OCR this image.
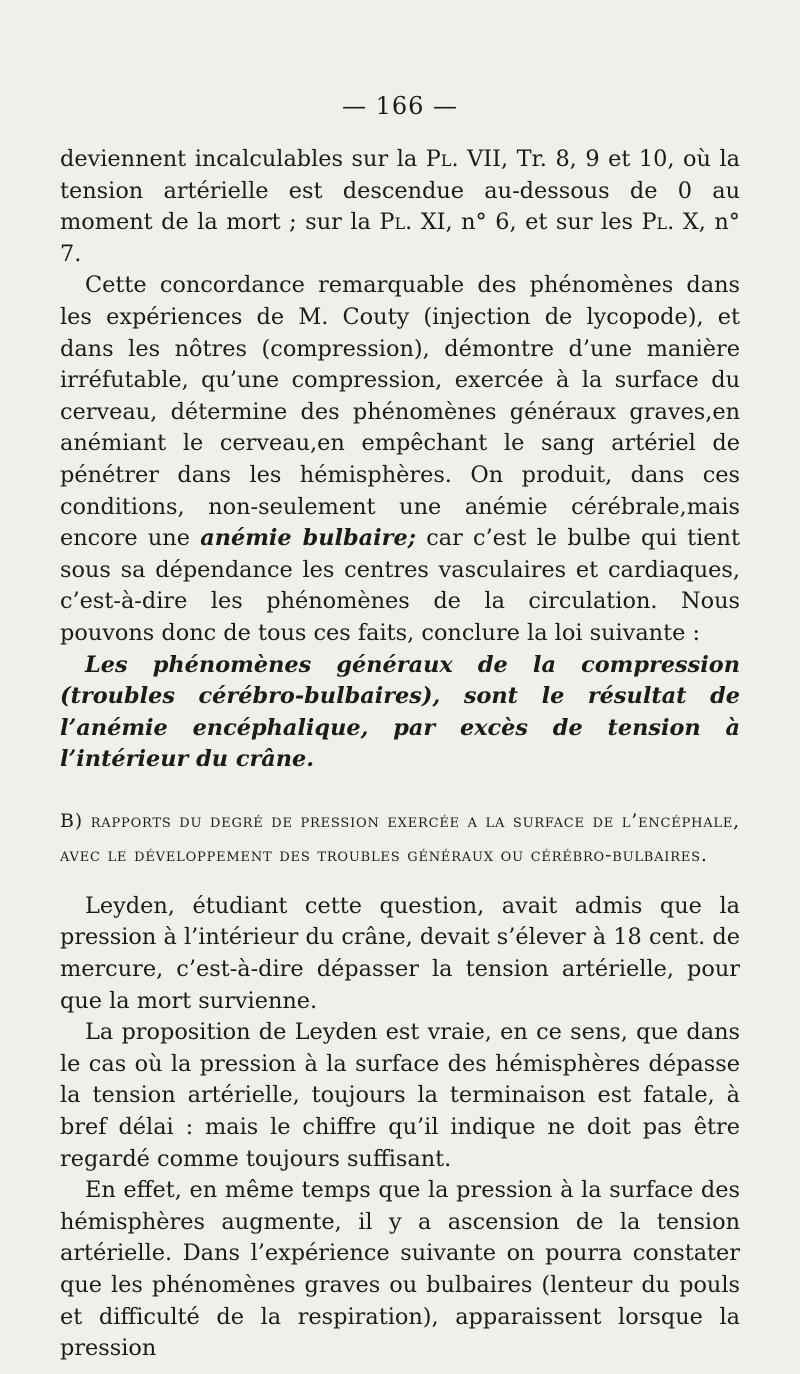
— 166 —

deviennent incalculables sur la Pl. VII, Tr. 8, 9 et 10, où la tension artérielle est descendue au-dessous de 0 au moment de la mort ; sur la Pl. XI, n° 6, et sur les Pl. X, n° 7.

Cette concordance remarquable des phénomènes dans les expériences de M. Couty (injection de lycopode), et dans les nôtres (compression), démontre d’une manière irréfutable, qu’une compression, exercée à la surface du cerveau, détermine des phénomènes généraux graves,en anémiant le cerveau,en empêchant le sang artériel de pénétrer dans les hémisphères. On produit, dans ces conditions, non-seulement une anémie cérébrale,mais encore une anémie bulbaire; car c’est le bulbe qui tient sous sa dépendance les centres vasculaires et cardiaques, c’est-à-dire les phénomènes de la circulation. Nous pouvons donc de tous ces faits, conclure la loi suivante :

Les phénomènes généraux de la compression (troubles cérébro-bulbaires), sont le résultat de l’anémie encéphalique, par excès de tension à l’intérieur du crâne.

B) rapports du degré de pression exercée a la surface de l’encéphale, avec le développement des troubles généraux ou cérébro-bulbaires.

Leyden, étudiant cette question, avait admis que la pression à l’intérieur du crâne, devait s’élever à 18 cent. de mercure, c’est-à-dire dépasser la tension artérielle, pour que la mort survienne.

La proposition de Leyden est vraie, en ce sens, que dans le cas où la pression à la surface des hémisphères dépasse la tension artérielle, toujours la terminaison est fatale, à bref délai : mais le chiffre qu’il indique ne doit pas être regardé comme toujours suffisant.

En effet, en même temps que la pression à la surface des hémisphères augmente, il y a ascension de la tension artérielle. Dans l’expérience suivante on pourra constater que les phénomènes graves ou bulbaires (lenteur du pouls et difficulté de la respiration), apparaissent lorsque la pression
